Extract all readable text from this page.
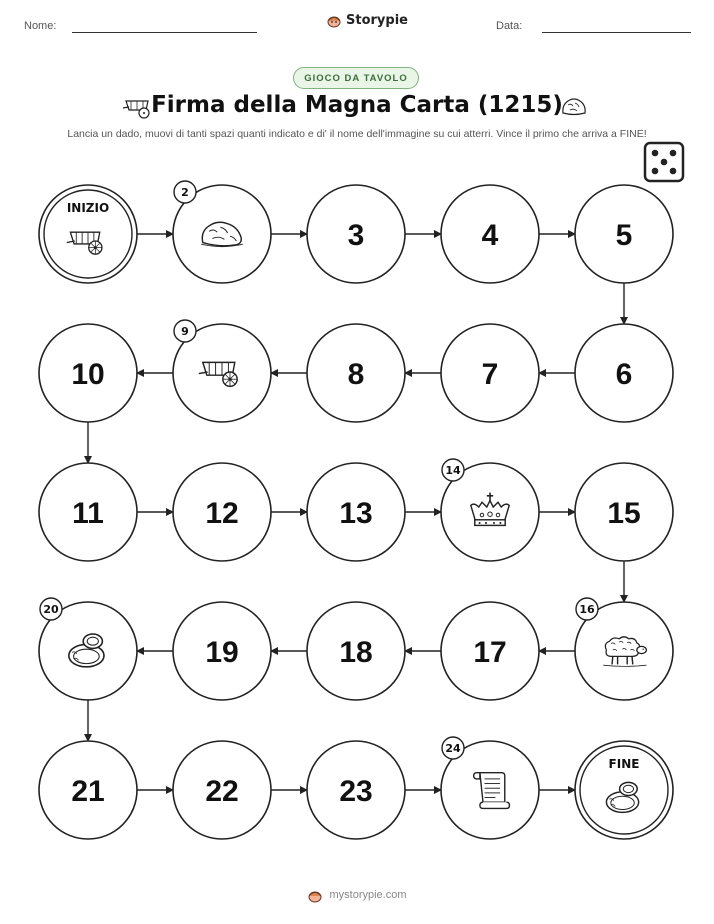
Nome:	Storypie	Data:
GIOCO DA TAVOLO
Firma della Magna Carta (1215)
Lancia un dado, muovi di tanti spazi quanti indicato e di' il nome dell'immagine su cui atterri. Vince il primo che arriva a FINE!
INIZIO
2
3	4	5
10
9
8	7	6
11	12	13
14
15
20
19	18	17
16
21	22	23
24
FINE
mystorypie.com
